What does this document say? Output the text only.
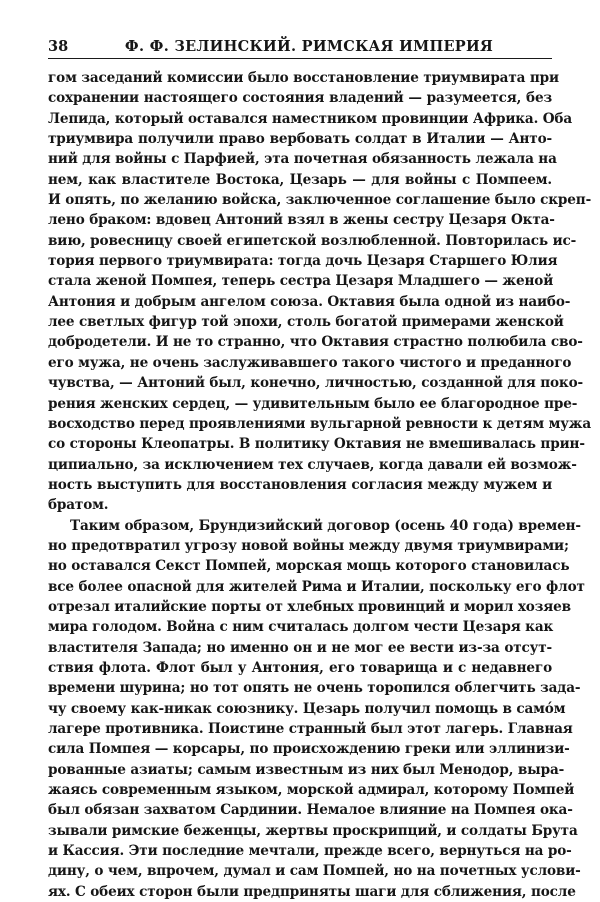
38	Ф. Ф. ЗЕЛИНСКИЙ. РИМСКАЯ ИМПЕРИЯ
гом заседаний комиссии было восстановление триумвирата при
сохранении настоящего состояния владений — разумеется, без
Лепида, который оставался наместником провинции Африка. Оба
триумвира получили право вербовать солдат в Италии — Анто-
ний для войны с Парфией, эта почетная обязанность лежала на
нем, как властителе Востока, Цезарь — для войны с Помпеем.
И опять, по желанию войска, заключенное соглашение было скреп-
лено браком: вдовец Антоний взял в жены сестру Цезаря Окта-
вию, ровесницу своей египетской возлюбленной. Повторилась ис-
тория первого триумвирата: тогда дочь Цезаря Старшего Юлия
стала женой Помпея, теперь сестра Цезаря Младшего — женой
Антония и добрым ангелом союза. Октавия была одной из наибо-
лее светлых фигур той эпохи, столь богатой примерами женской
добродетели. И не то странно, что Октавия страстно полюбила сво-
его мужа, не очень заслуживавшего такого чистого и преданного
чувства, — Антоний был, конечно, личностью, созданной для поко-
рения женских сердец, — удивительным было ее благородное пре-
восходство перед проявлениями вульгарной ревности к детям мужа
со стороны Клеопатры. В политику Октавия не вмешивалась прин-
ципиально, за исключением тех случаев, когда давали ей возмож-
ность выступить для восстановления согласия между мужем и
братом.
Таким образом, Брундизийский договор (осень 40 года) времен-
но предотвратил угрозу новой войны между двумя триумвирами;
но оставался Секст Помпей, морская мощь которого становилась
все более опасной для жителей Рима и Италии, поскольку его флот
отрезал италийские порты от хлебных провинций и морил хозяев
мира голодом. Война с ним считалась долгом чести Цезаря как
властителя Запада; но именно он и не мог ее вести из-за отсут-
ствия флота. Флот был у Антония, его товарища и с недавнего
времени шурина; но тот опять не очень торопился облегчить зада-
чу своему как-никак союзнику. Цезарь получил помощь в самóм
лагере противника. Поистине странный был этот лагерь. Главная
сила Помпея — корсары, по происхождению греки или эллинизи-
рованные азиаты; самым известным из них был Менодор, выра-
жаясь современным языком, морской адмирал, которому Помпей
был обязан захватом Сардинии. Немалое влияние на Помпея ока-
зывали римские беженцы, жертвы проскрипций, и солдаты Брута
и Кассия. Эти последние мечтали, прежде всего, вернуться на ро-
дину, о чем, впрочем, думал и сам Помпей, но на почетных услови-
ях. С обеих сторон были предприняты шаги для сближения, после
